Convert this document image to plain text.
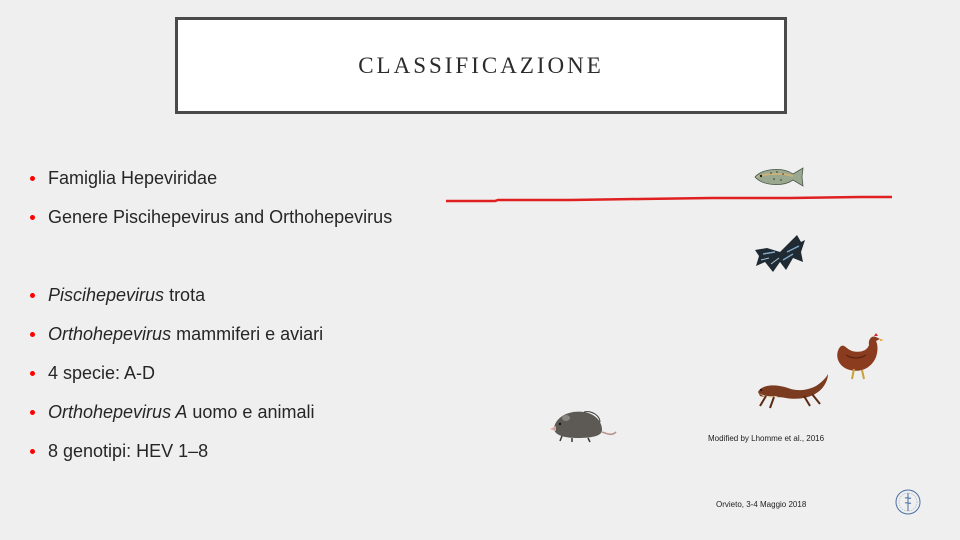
CLASSIFICAZIONE
Famiglia Hepeviridae
Genere Piscihepevirus and Orthohepevirus
Piscihepevirus trota
Orthohepevirus mammiferi e aviari
4 specie: A-D
Orthohepevirus A uomo e animali
8 genotipi: HEV 1–8
Modified by Lhomme et al., 2016
Orvieto, 3-4 Maggio 2018
